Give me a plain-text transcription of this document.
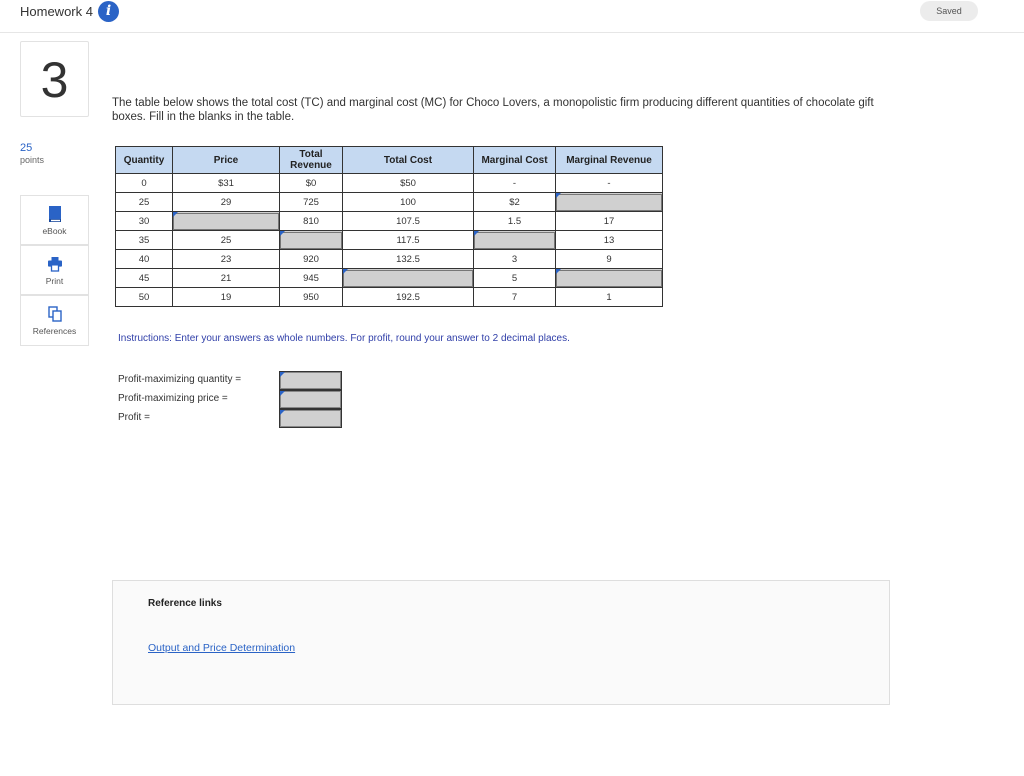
Homework 4 i	Saved
3
25
points
eBook
Print
References
The table below shows the total cost (TC) and marginal cost (MC) for Choco Lovers, a monopolistic firm producing different quantities of chocolate gift boxes. Fill in the blanks in the table.
Quantity	Price	Total Revenue	Total Cost	Marginal Cost	Marginal Revenue
0	$31	$0	$50	-	-
25	29	725	100	$2	

30		810	107.5	1.5	17
35	25		117.5		13
40	23	920	132.5	3	9
45	21	945		5	

50	19	950	192.5	7	1
Instructions: Enter your answers as whole numbers. For profit, round your answer to 2 decimal places.
Profit-maximizing quantity =
Profit-maximizing price =
Profit =
Reference links
Output and Price Determination
